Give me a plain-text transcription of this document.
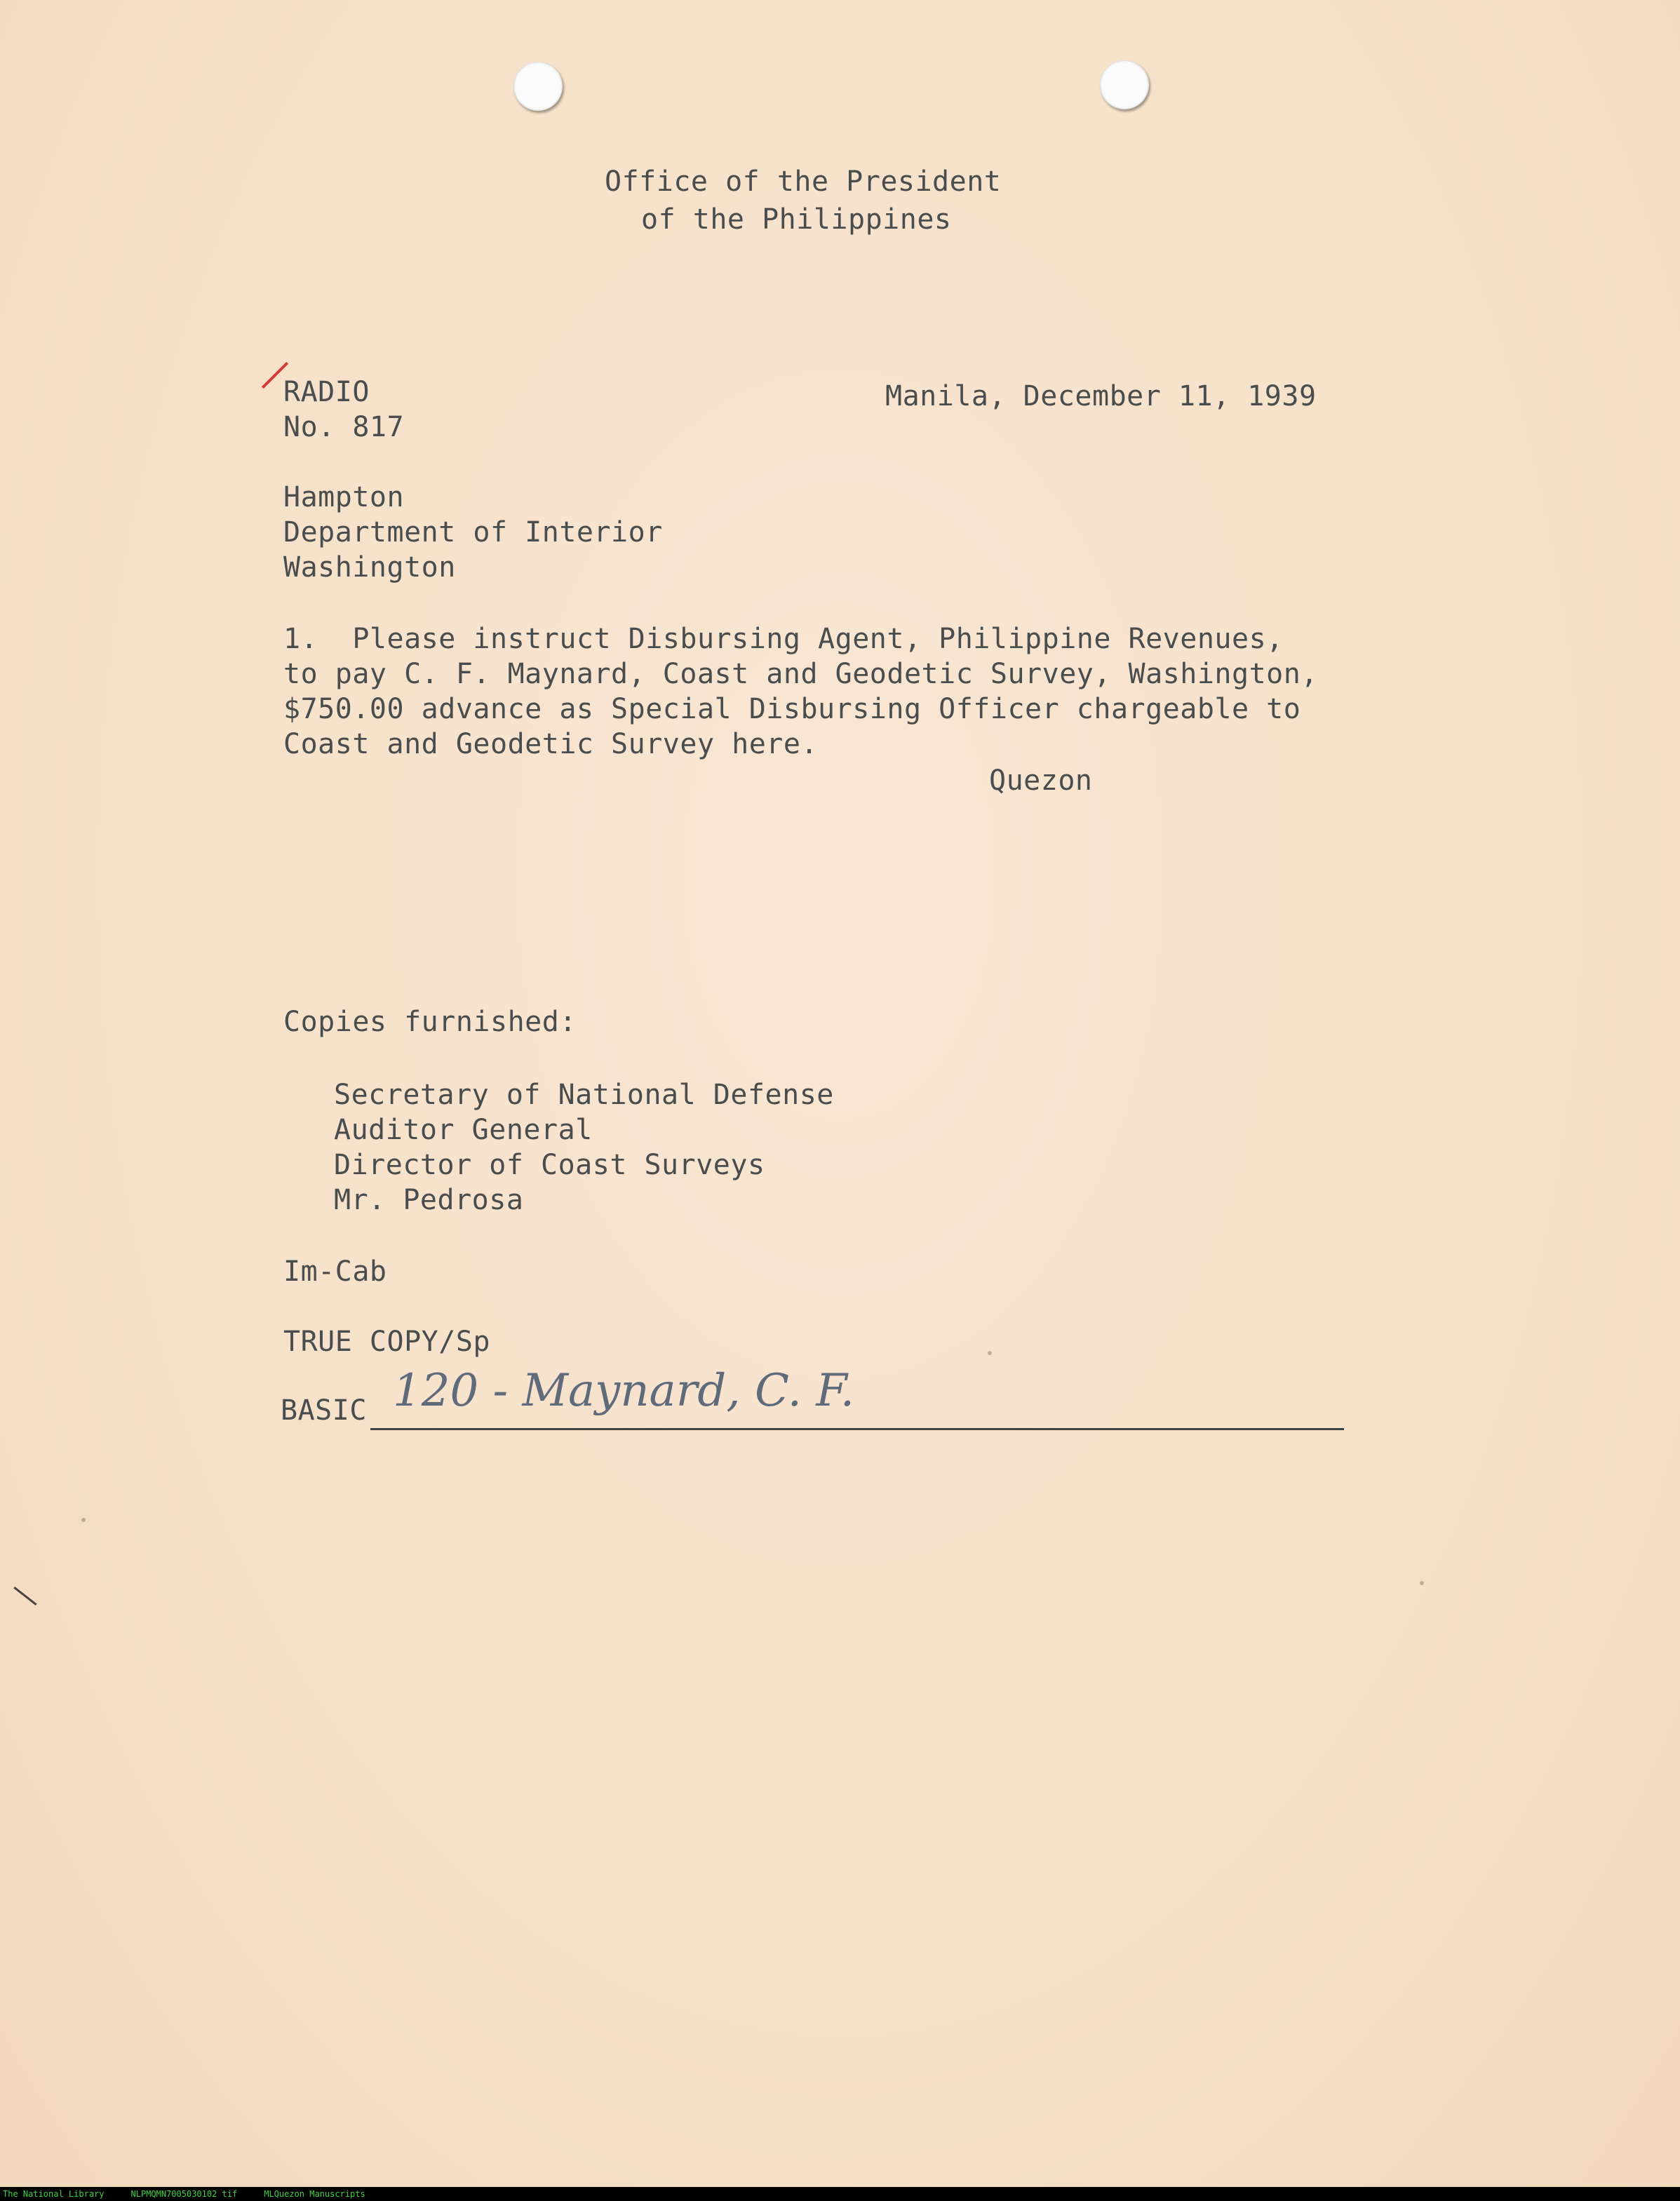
Office of the President
of the Philippines
RADIO
No. 817
Manila, December 11, 1939
Hampton
Department of Interior
Washington
1.  Please instruct Disbursing Agent, Philippine Revenues,
to pay C. F. Maynard, Coast and Geodetic Survey, Washington,
$750.00 advance as Special Disbursing Officer chargeable to
Coast and Geodetic Survey here.
Quezon
Copies furnished:
Secretary of National Defense
Auditor General
Director of Coast Surveys
Mr. Pedrosa
Im-Cab
TRUE COPY/Sp
BASIC 120 - Maynard, C. F.
The National Library	NLPMQMN7005030102 tif	MLQuezon Manuscripts
